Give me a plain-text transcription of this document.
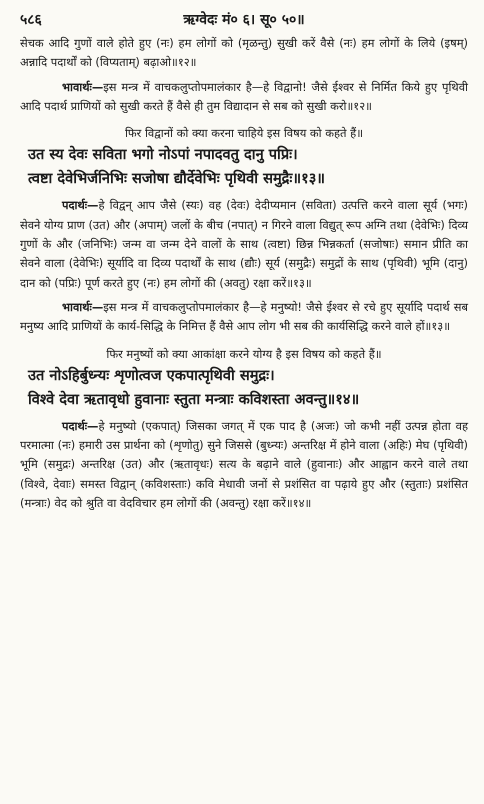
५८६	ऋग्वेदः मं० ६। सू० ५०॥

सेचक आदि गुणों वाले होते हुए (नः) हम लोगों को (मृळन्तु) सुखी करें वैसे (नः) हम लोगों के लिये (इषम्) अन्नादि पदार्थों को (विप्यताम्) बढ़ाओ॥१२॥

भावार्थः—इस मन्त्र में वाचकलुप्तोपमालंकार है—हे विद्वानो! जैसे ईश्वर से निर्मित किये हुए पृथिवी आदि पदार्थ प्राणियों को सुखी करते हैं वैसे ही तुम विद्यादान से सब को सुखी करो॥१२॥

फिर विद्वानों को क्या करना चाहिये इस विषय को कहते हैं॥

उत स्य देवः सविता भगो नोऽपां नपादवतु दानु पप्रिः।

त्वष्टा देवेभिर्जनिभिः सजोषा द्यौर्देवेभिः पृथिवी समुद्रैः॥१३॥

पदार्थः—हे विद्वन् आप जैसे (स्यः) वह (देवः) देदीप्यमान (सविता) उत्पत्ति करने वाला सूर्य (भगः) सेवने योग्य प्राण (उत) और (अपाम्) जलों के बीच (नपात्) न गिरने वाला विद्युत् रूप अग्नि तथा (देवेभिः) दिव्य गुणों के और (जनिभिः) जन्म वा जन्म देने वालों के साथ (त्वष्टा) छिन्न भिन्नकर्ता (सजोषाः) समान प्रीति का सेवने वाला (देवेभिः) सूर्यादि वा दिव्य पदार्थों के साथ (द्यौः) सूर्य (समुद्रैः) समुद्रों के साथ (पृथिवी) भूमि (दानु) दान को (पप्रिः) पूर्ण करते हुए (नः) हम लोगों की (अवतु) रक्षा करें॥१३॥

भावार्थः—इस मन्त्र में वाचकलुप्तोपमालंकार है—हे मनुष्यो! जैसे ईश्वर से रचे हुए सूर्यादि पदार्थ सब मनुष्य आदि प्राणियों के कार्य-सिद्धि के निमित्त हैं वैसे आप लोग भी सब की कार्यसिद्धि करने वाले हों॥१३॥

फिर मनुष्यों को क्या आकांक्षा करने योग्य है इस विषय को कहते हैं॥

उत नोऽहिर्बुध्न्यः शृणोत्वज एकपात्पृथिवी समुद्रः।

विश्वे देवा ऋतावृधो हुवानाः स्तुता मन्त्राः कविशस्ता अवन्तु॥१४॥

पदार्थः—हे मनुष्यो (एकपात्) जिसका जगत् में एक पाद है (अजः) जो कभी नहीं उत्पन्न होता वह परमात्मा (नः) हमारी उस प्रार्थना को (शृणोतु) सुने जिससे (बुध्न्यः) अन्तरिक्ष में होने वाला (अहिः) मेघ (पृथिवी) भूमि (समुद्रः) अन्तरिक्ष (उत) और (ऋतावृधः) सत्य के बढ़ाने वाले (हुवानाः) और आह्वान करने वाले तथा (विश्वे, देवाः) समस्त विद्वान् (कविशस्ताः) कवि मेधावी जनों से प्रशंसित वा पढ़ाये हुए और (स्तुताः) प्रशंसित (मन्त्राः) वेद को श्रुति वा वेदविचार हम लोगों की (अवन्तु) रक्षा करें॥१४॥
